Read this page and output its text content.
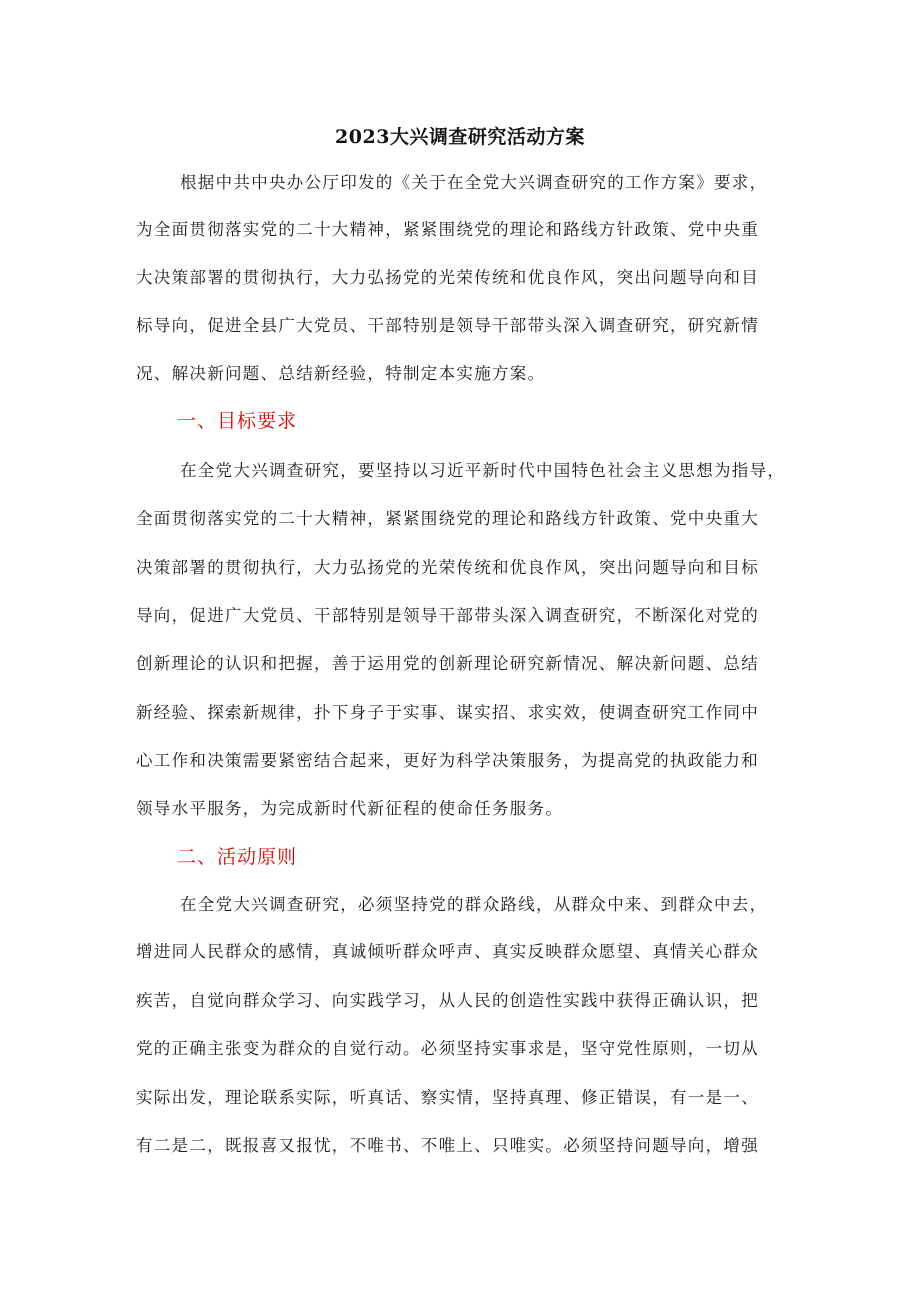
2023大兴调查研究活动方案
根据中共中央办公厅印发的《关于在全党大兴调查研究的工作方案》要求，
为全面贯彻落实党的二十大精神，紧紧围绕党的理论和路线方针政策、党中央重
大决策部署的贯彻执行，大力弘扬党的光荣传统和优良作风，突出问题导向和目
标导向，促进全县广大党员、干部特别是领导干部带头深入调查研究，研究新情
况、解决新问题、总结新经验，特制定本实施方案。
一、目标要求
在全党大兴调查研究，要坚持以习近平新时代中国特色社会主义思想为指导，
全面贯彻落实党的二十大精神，紧紧围绕党的理论和路线方针政策、党中央重大
决策部署的贯彻执行，大力弘扬党的光荣传统和优良作风，突出问题导向和目标
导向，促进广大党员、干部特别是领导干部带头深入调查研究，不断深化对党的
创新理论的认识和把握，善于运用党的创新理论研究新情况、解决新问题、总结
新经验、探索新规律，扑下身子于实事、谋实招、求实效，使调查研究工作同中
心工作和决策需要紧密结合起来，更好为科学决策服务，为提高党的执政能力和
领导水平服务，为完成新时代新征程的使命任务服务。
二、活动原则
在全党大兴调查研究，必须坚持党的群众路线，从群众中来、到群众中去，
增进同人民群众的感情，真诚倾听群众呼声、真实反映群众愿望、真情关心群众
疾苦，自觉向群众学习、向实践学习，从人民的创造性实践中获得正确认识，把
党的正确主张变为群众的自觉行动。必须坚持实事求是，坚守党性原则，一切从
实际出发，理论联系实际，听真话、察实情，坚持真理、修正错误，有一是一、
有二是二，既报喜又报忧，不唯书、不唯上、只唯实。必须坚持问题导向，增强
